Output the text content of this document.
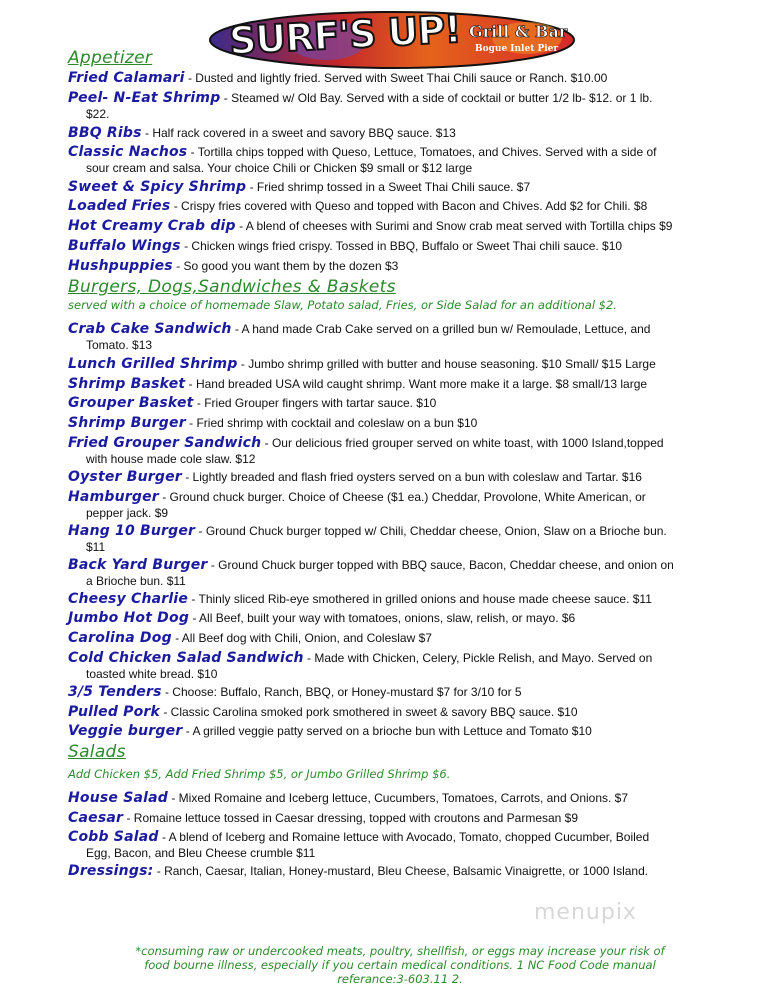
SURF'S UP! Grill & Bar
Bogue Inlet Pier
Appetizer
Fried Calamari - Dusted and lightly fried. Served with Sweet Thai Chili sauce or Ranch. $10.00
Peel- N-Eat Shrimp - Steamed w/ Old Bay. Served with a side of cocktail or butter 1/2 lb- $12. or 1 lb.
$22.
BBQ Ribs - Half rack covered in a sweet and savory BBQ sauce. $13
Classic Nachos - Tortilla chips topped with Queso, Lettuce, Tomatoes, and Chives. Served with a side of
sour cream and salsa. Your choice Chili or Chicken $9 small or $12 large
Sweet & Spicy Shrimp - Fried shrimp tossed in a Sweet Thai Chili sauce. $7
Loaded Fries - Crispy fries covered with Queso and topped with Bacon and Chives. Add $2 for Chili. $8
Hot Creamy Crab dip - A blend of cheeses with Surimi and Snow crab meat served with Tortilla chips $9
Buffalo Wings - Chicken wings fried crispy. Tossed in BBQ, Buffalo or Sweet Thai chili sauce. $10
Hushpuppies - So good you want them by the dozen $3
Burgers, Dogs,Sandwiches & Baskets
served with a choice of homemade Slaw, Potato salad, Fries, or Side Salad for an additional $2.
Crab Cake Sandwich - A hand made Crab Cake served on a grilled bun w/ Remoulade, Lettuce, and
Tomato. $13
Lunch Grilled Shrimp - Jumbo shrimp grilled with butter and house seasoning. $10 Small/ $15 Large
Shrimp Basket - Hand breaded USA wild caught shrimp. Want more make it a large. $8 small/13 large
Grouper Basket - Fried Grouper fingers with tartar sauce. $10
Shrimp Burger - Fried shrimp with cocktail and coleslaw on a bun $10
Fried Grouper Sandwich - Our delicious fried grouper served on white toast, with 1000 Island,topped
with house made cole slaw. $12
Oyster Burger - Lightly breaded and flash fried oysters served on a bun with coleslaw and Tartar. $16
Hamburger - Ground chuck burger. Choice of Cheese ($1 ea.) Cheddar, Provolone, White American, or
pepper jack. $9
Hang 10 Burger - Ground Chuck burger topped w/ Chili, Cheddar cheese, Onion, Slaw on a Brioche bun.
$11
Back Yard Burger - Ground Chuck burger topped with BBQ sauce, Bacon, Cheddar cheese, and onion on
a Brioche bun. $11
Cheesy Charlie - Thinly sliced Rib-eye smothered in grilled onions and house made cheese sauce. $11
Jumbo Hot Dog - All Beef, built your way with tomatoes, onions, slaw, relish, or mayo. $6
Carolina Dog - All Beef dog with Chili, Onion, and Coleslaw $7
Cold Chicken Salad Sandwich - Made with Chicken, Celery, Pickle Relish, and Mayo. Served on
toasted white bread. $10
3/5 Tenders - Choose: Buffalo, Ranch, BBQ, or Honey-mustard $7 for 3/10 for 5
Pulled Pork - Classic Carolina smoked pork smothered in sweet & savory BBQ sauce. $10
Veggie burger - A grilled veggie patty served on a brioche bun with Lettuce and Tomato $10
Salads
Add Chicken $5, Add Fried Shrimp $5, or Jumbo Grilled Shrimp $6.
House Salad - Mixed Romaine and Iceberg lettuce, Cucumbers, Tomatoes, Carrots, and Onions. $7
Caesar - Romaine lettuce tossed in Caesar dressing, topped with croutons and Parmesan $9
Cobb Salad - A blend of Iceberg and Romaine lettuce with Avocado, Tomato, chopped Cucumber, Boiled
Egg, Bacon, and Bleu Cheese crumble $11
Dressings: - Ranch, Caesar, Italian, Honey-mustard, Bleu Cheese, Balsamic Vinaigrette, or 1000 Island.
menupix
*consuming raw or undercooked meats, poultry, shellfish, or eggs may increase your risk of
food bourne illness, especially if you certain medical conditions. 1 NC Food Code manual
referance:3-603.11 2.
